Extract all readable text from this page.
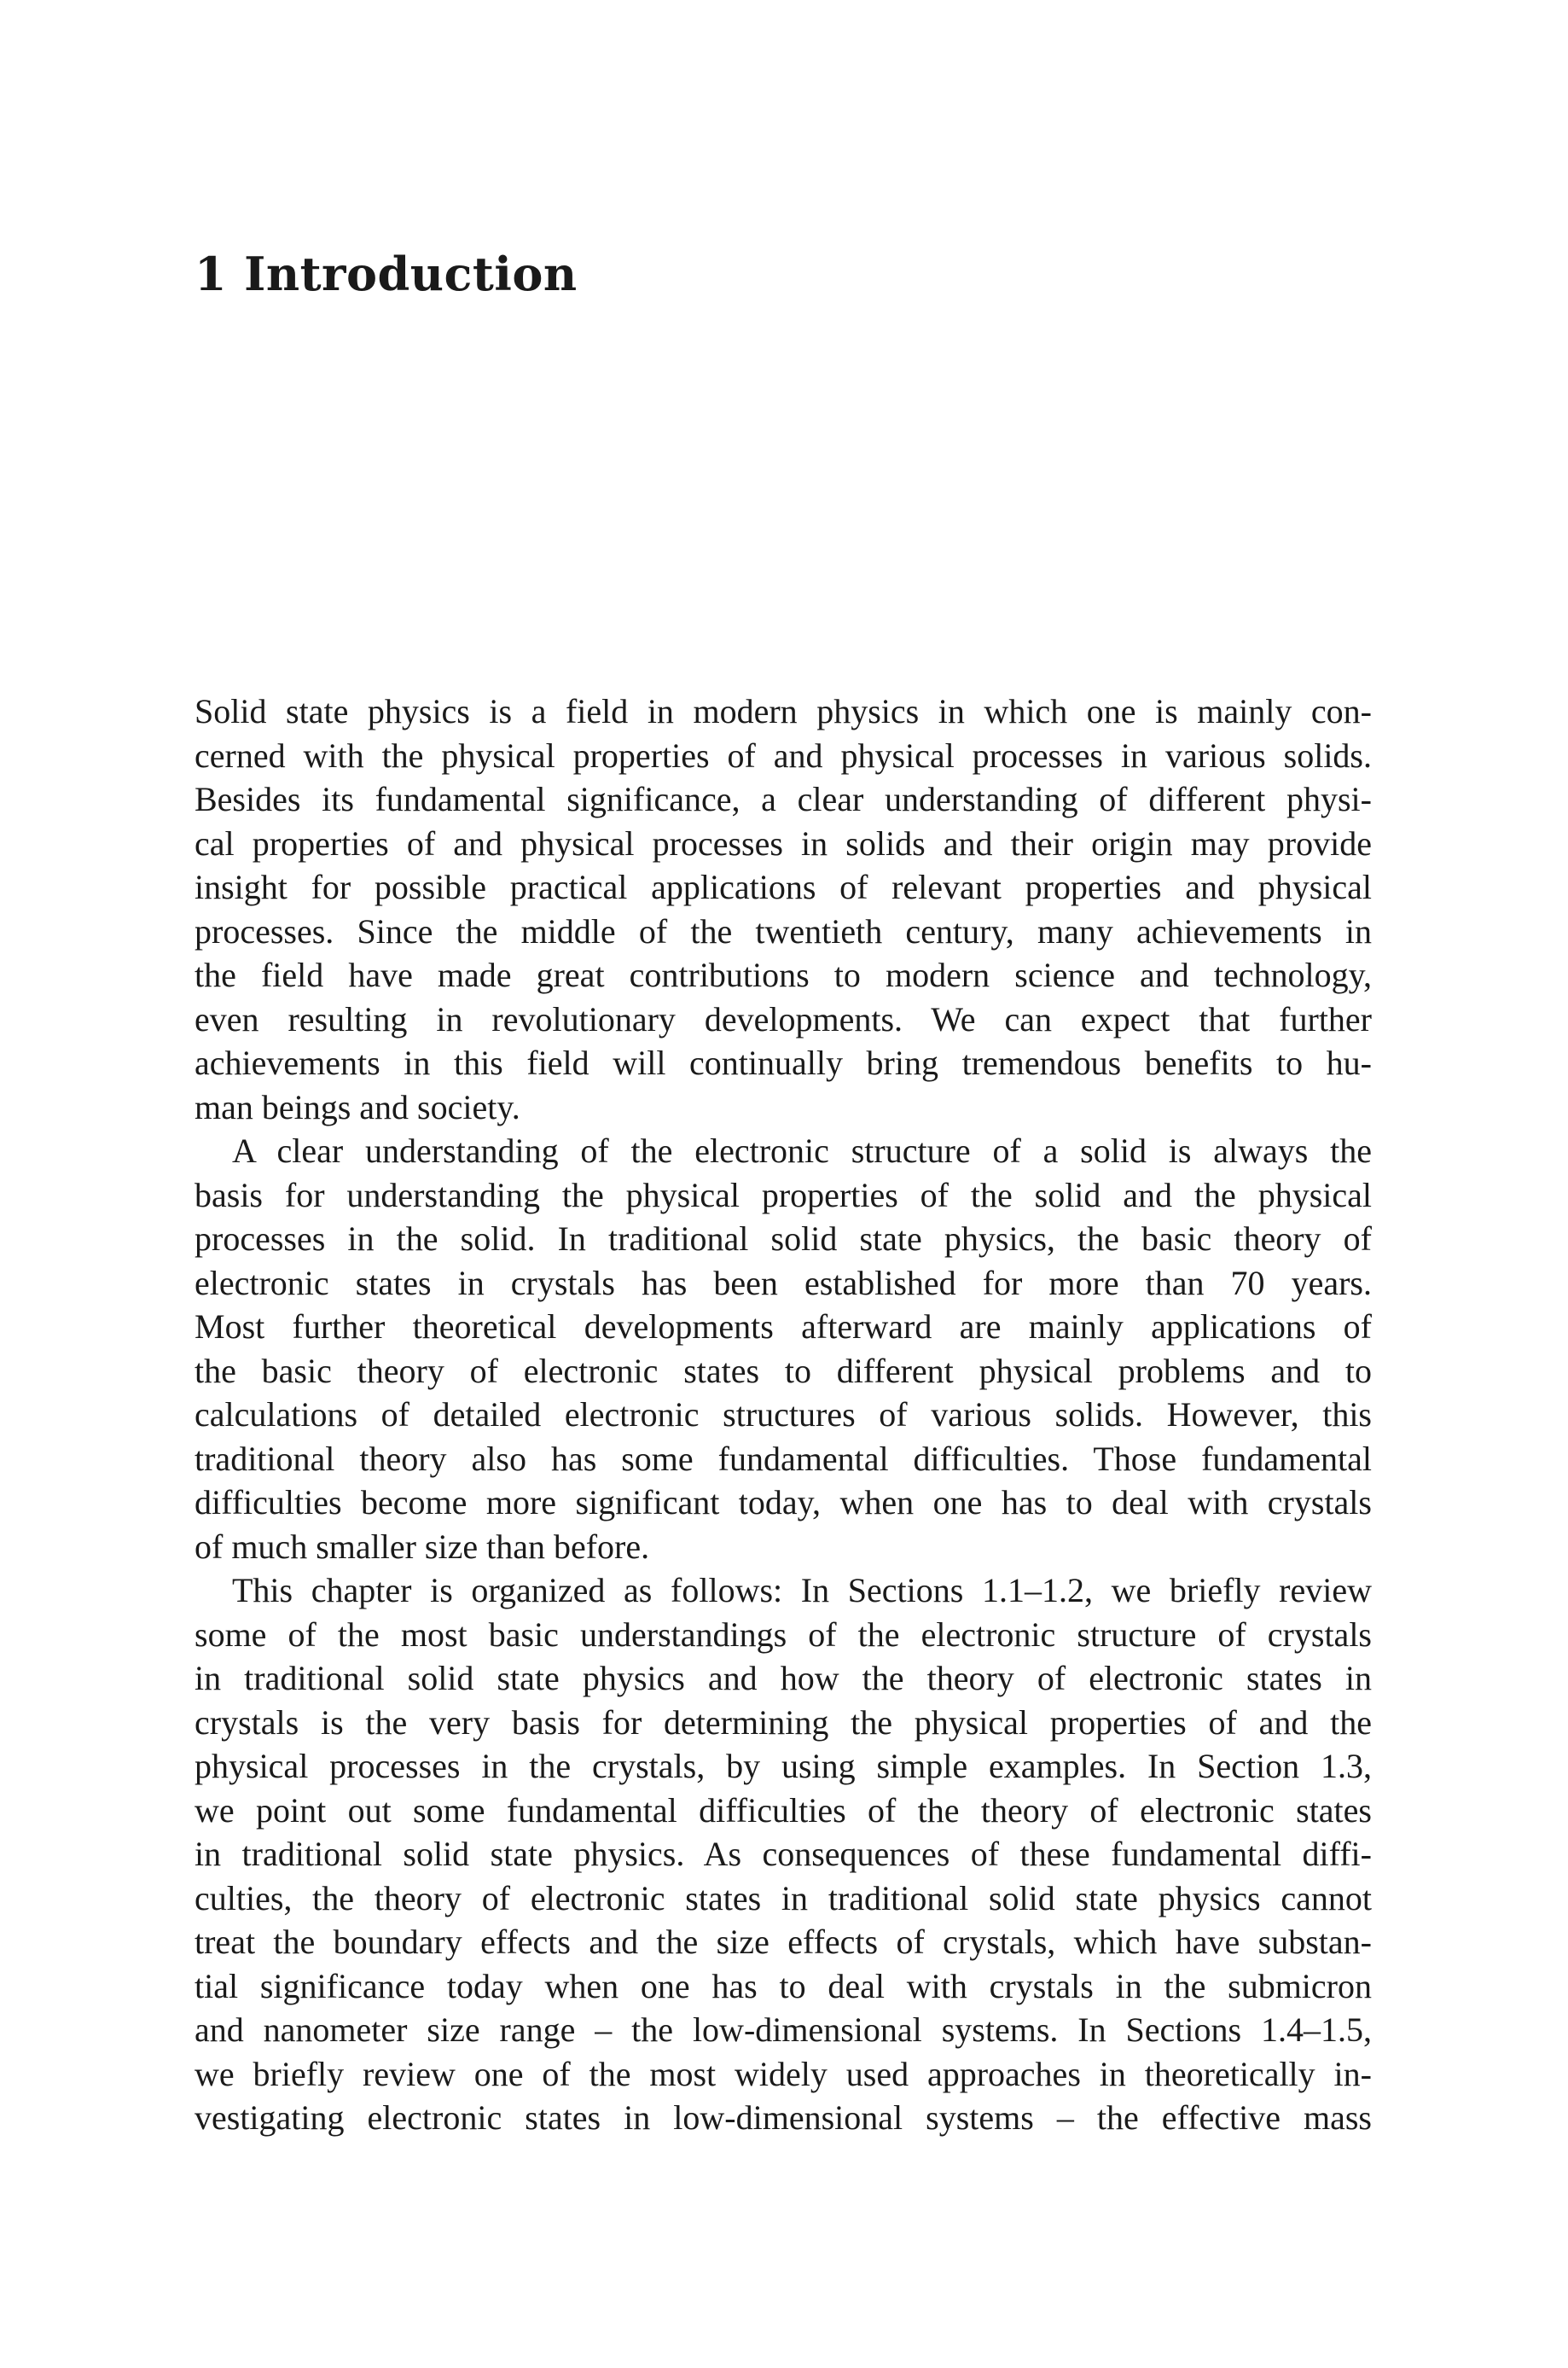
1 Introduction

Solid state physics is a field in modern physics in which one is mainly con-
cerned with the physical properties of and physical processes in various solids.
Besides its fundamental significance, a clear understanding of different physi-
cal properties of and physical processes in solids and their origin may provide
insight for possible practical applications of relevant properties and physical
processes. Since the middle of the twentieth century, many achievements in
the field have made great contributions to modern science and technology,
even resulting in revolutionary developments. We can expect that further
achievements in this field will continually bring tremendous benefits to hu-
man beings and society.

A clear understanding of the electronic structure of a solid is always the
basis for understanding the physical properties of the solid and the physical
processes in the solid. In traditional solid state physics, the basic theory of
electronic states in crystals has been established for more than 70 years.
Most further theoretical developments afterward are mainly applications of
the basic theory of electronic states to different physical problems and to
calculations of detailed electronic structures of various solids. However, this
traditional theory also has some fundamental difficulties. Those fundamental
difficulties become more significant today, when one has to deal with crystals
of much smaller size than before.

This chapter is organized as follows: In Sections 1.1–1.2, we briefly review
some of the most basic understandings of the electronic structure of crystals
in traditional solid state physics and how the theory of electronic states in
crystals is the very basis for determining the physical properties of and the
physical processes in the crystals, by using simple examples. In Section 1.3,
we point out some fundamental difficulties of the theory of electronic states
in traditional solid state physics. As consequences of these fundamental diffi-
culties, the theory of electronic states in traditional solid state physics cannot
treat the boundary effects and the size effects of crystals, which have substan-
tial significance today when one has to deal with crystals in the submicron
and nanometer size range – the low-dimensional systems. In Sections 1.4–1.5,
we briefly review one of the most widely used approaches in theoretically in-
vestigating electronic states in low-dimensional systems – the effective mass
